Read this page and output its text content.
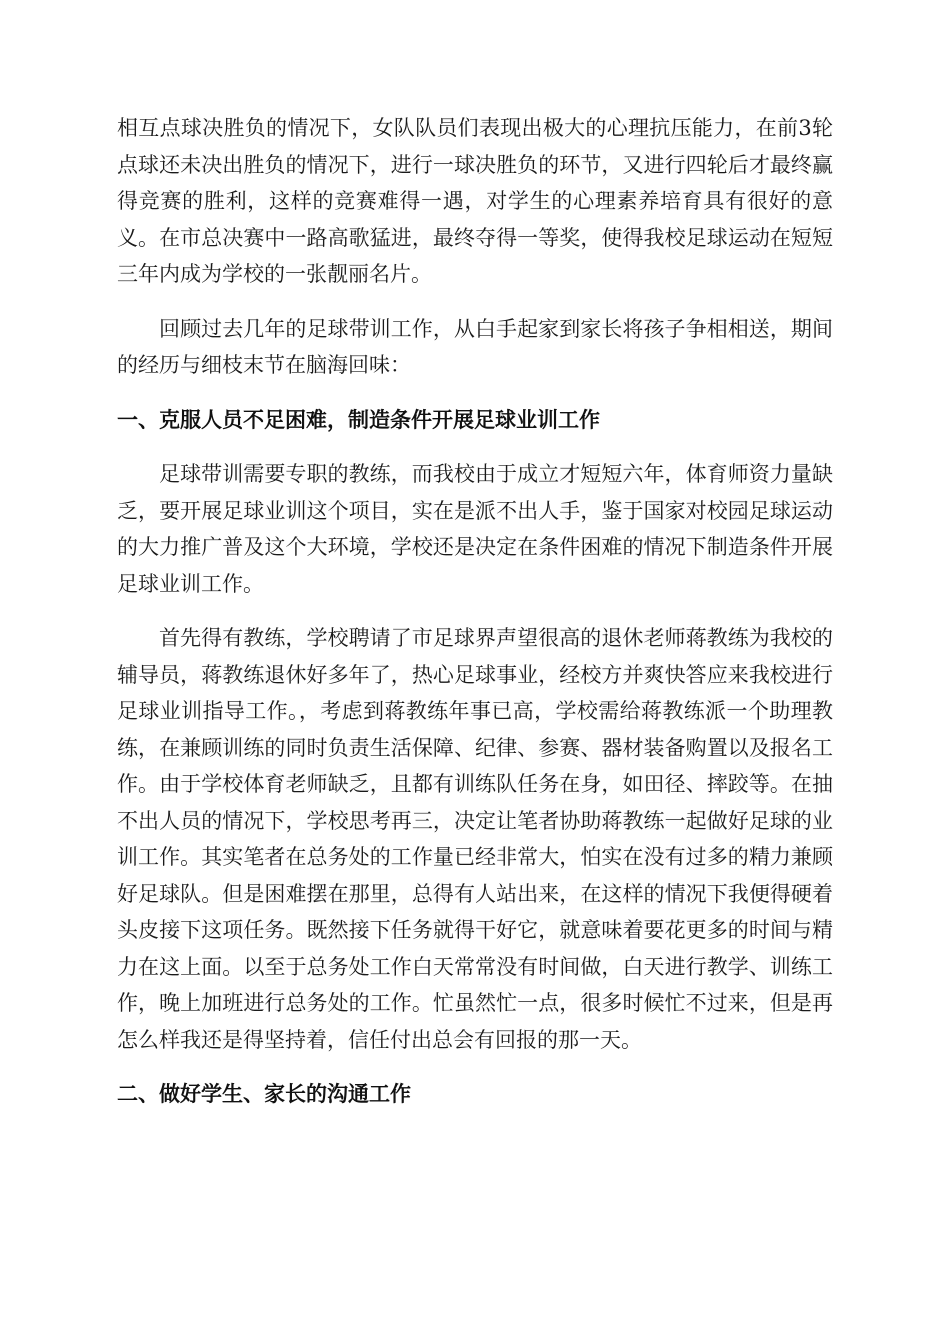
相互点球决胜负的情况下，女队队员们表现出极大的心理抗压能力，在前3轮点球还未决出胜负的情况下，进行一球决胜负的环节，又进行四轮后才最终赢得竞赛的胜利，这样的竞赛难得一遇，对学生的心理素养培育具有很好的意义。在市总决赛中一路高歌猛进，最终夺得一等奖，使得我校足球运动在短短三年内成为学校的一张靓丽名片。

回顾过去几年的足球带训工作，从白手起家到家长将孩子争相相送，期间的经历与细枝末节在脑海回味：

一、克服人员不足困难，制造条件开展足球业训工作

足球带训需要专职的教练，而我校由于成立才短短六年，体育师资力量缺乏，要开展足球业训这个项目，实在是派不出人手，鉴于国家对校园足球运动的大力推广普及这个大环境，学校还是决定在条件困难的情况下制造条件开展足球业训工作。

首先得有教练，学校聘请了市足球界声望很高的退休老师蒋教练为我校的辅导员，蒋教练退休好多年了，热心足球事业，经校方并爽快答应来我校进行足球业训指导工作。，考虑到蒋教练年事已高，学校需给蒋教练派一个助理教练，在兼顾训练的同时负责生活保障、纪律、参赛、器材装备购置以及报名工作。由于学校体育老师缺乏，且都有训练队任务在身，如田径、摔跤等。在抽不出人员的情况下，学校思考再三，决定让笔者协助蒋教练一起做好足球的业训工作。其实笔者在总务处的工作量已经非常大，怕实在没有过多的精力兼顾好足球队。但是困难摆在那里，总得有人站出来，在这样的情况下我便得硬着头皮接下这项任务。既然接下任务就得干好它，就意味着要花更多的时间与精力在这上面。以至于总务处工作白天常常没有时间做，白天进行教学、训练工作，晚上加班进行总务处的工作。忙虽然忙一点，很多时候忙不过来，但是再怎么样我还是得坚持着，信任付出总会有回报的那一天。

二、做好学生、家长的沟通工作
